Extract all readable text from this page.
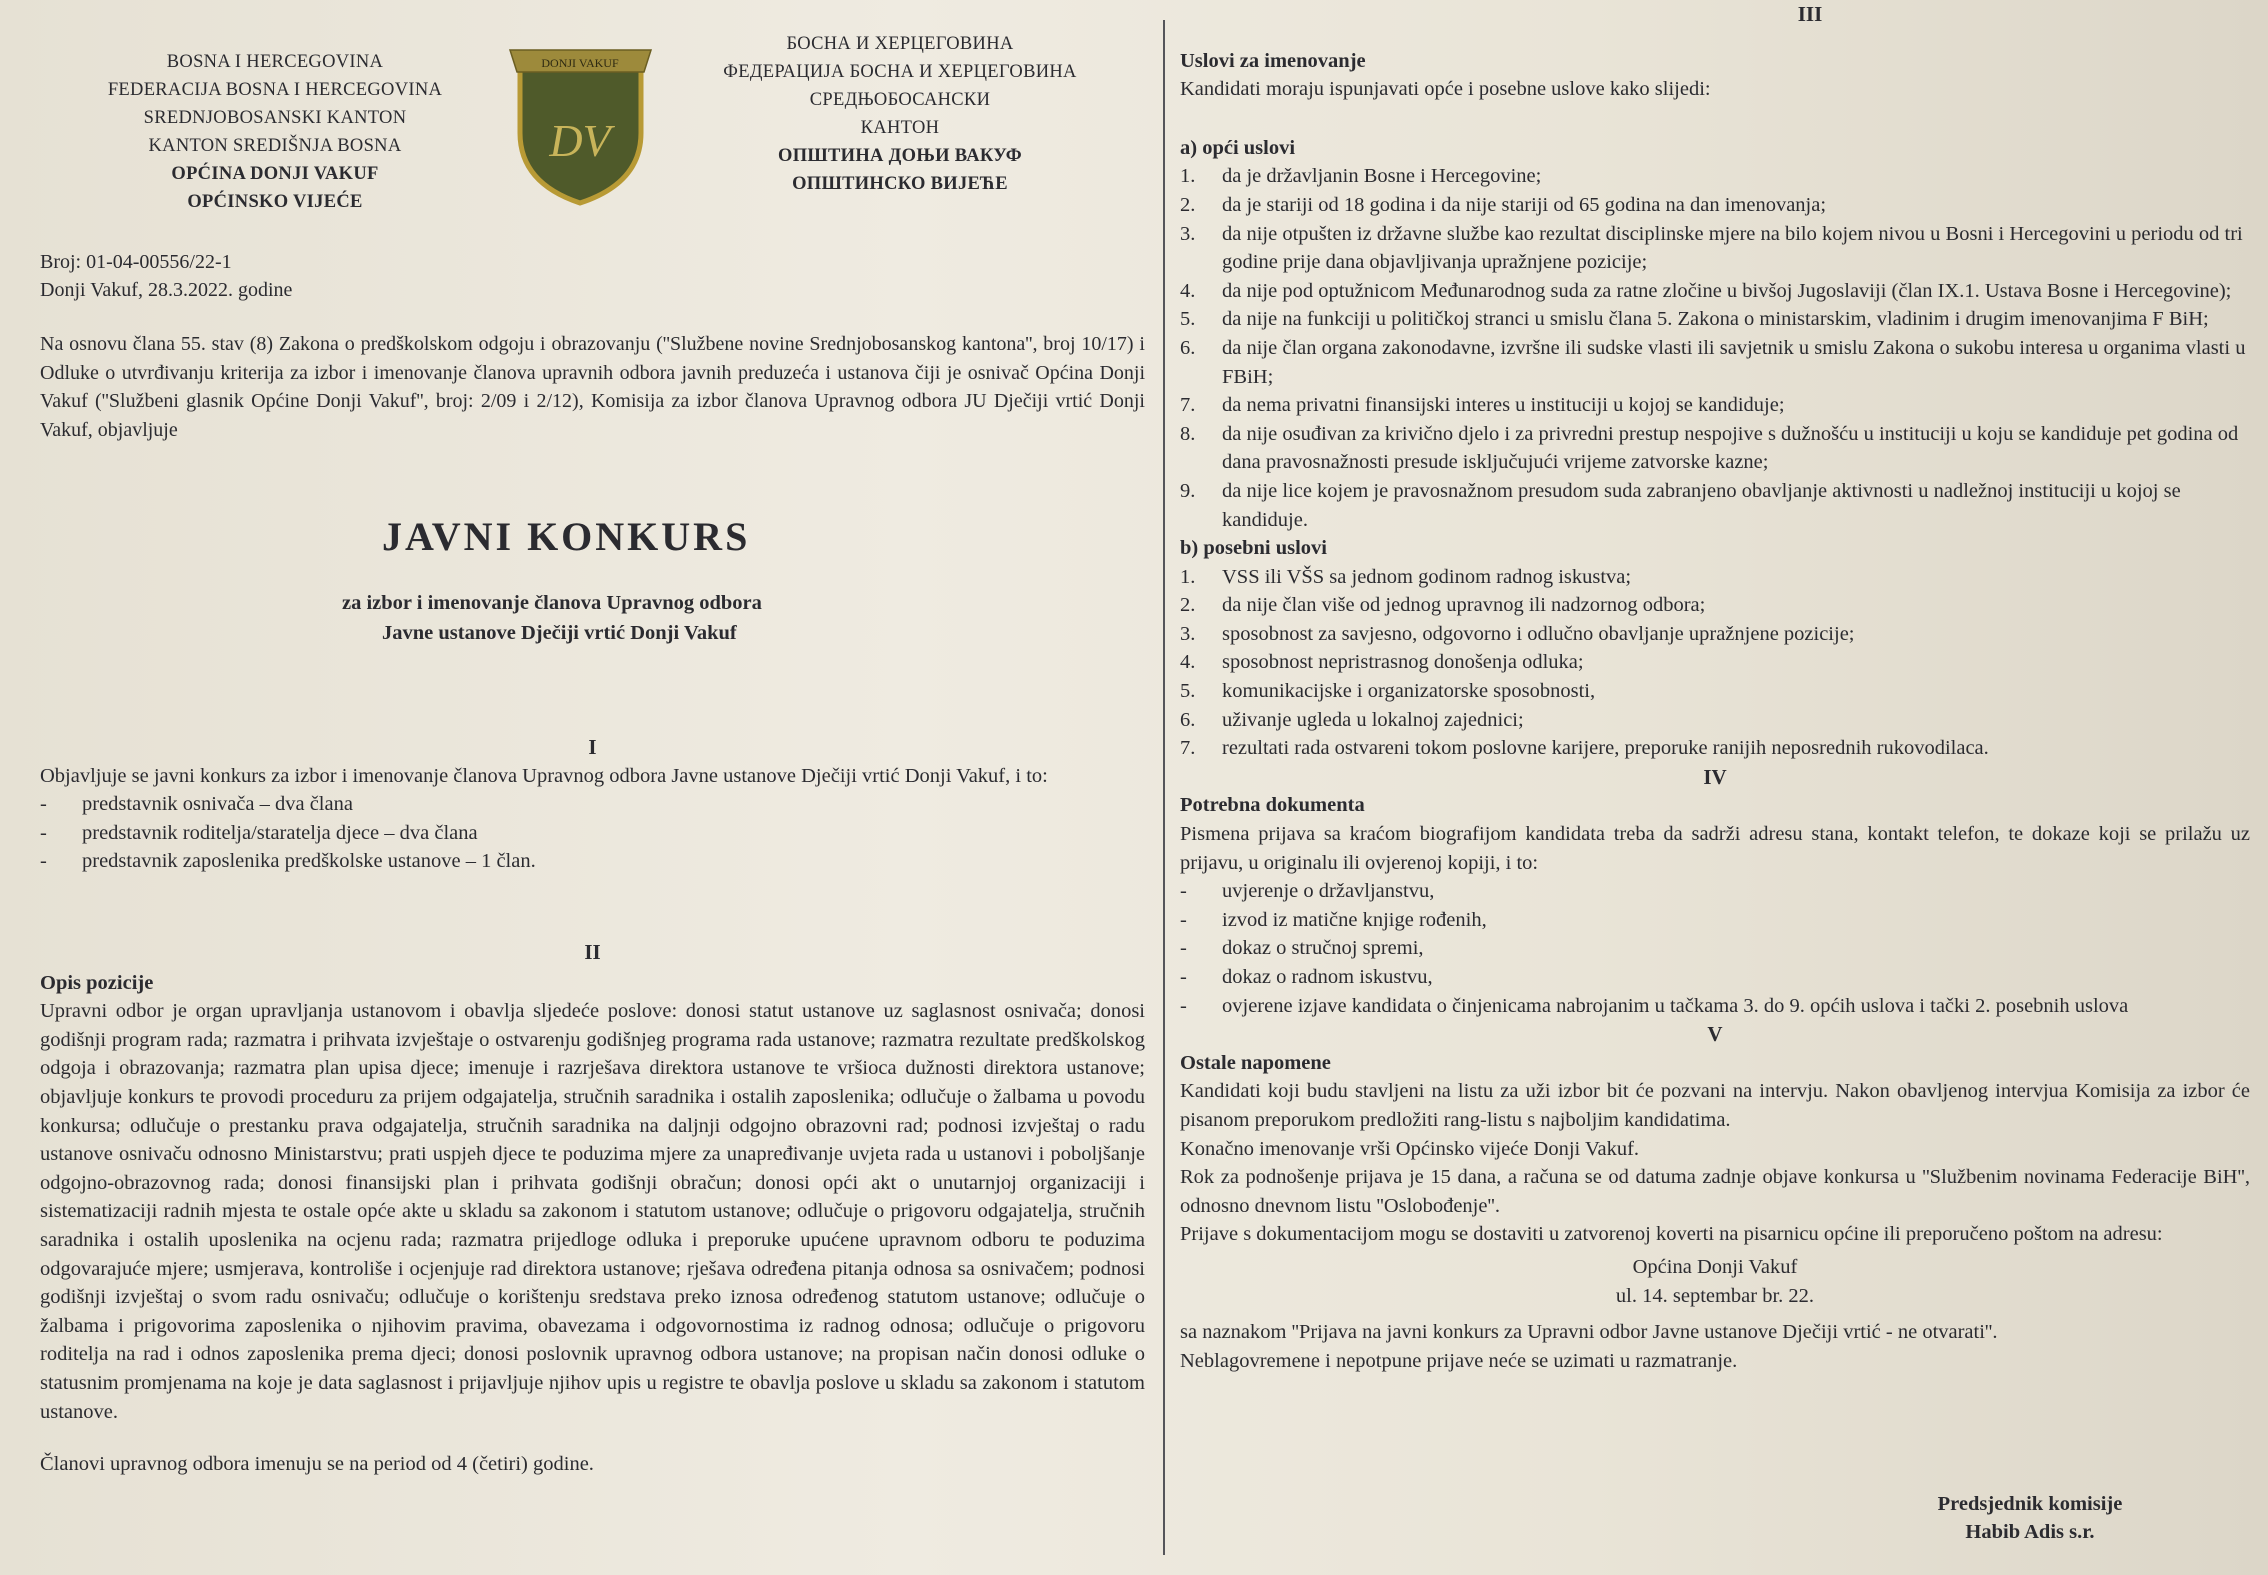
BOSNA I HERCEGOVINA
FEDERACIJA BOSNA I HERCEGOVINA
SREDNJOBOSANSKI KANTON
KANTON SREDIŠNJA BOSNA
OPĆINA DONJI VAKUF
OPĆINSKO VIJEĆE
DONJI VAKUF
DV
БОСНА И ХЕРЦЕГОВИНА
ФЕДЕРАЦИЈА БОСНА И ХЕРЦЕГОВИНА
СРЕДЊОБОСАНСКИ
КАНТОН
ОПШТИНА ДОЊИ ВАКУФ
ОПШТИНСКО ВИЈЕЋЕ
Broj: 01-04-00556/22-1
Donji Vakuf, 28.3.2022. godine
Na osnovu člana 55. stav (8) Zakona o predškolskom odgoju i obrazovanju (''Službene novine Srednjobosanskog kantona'', broj 10/17) i Odluke o utvrđivanju kriterija za izbor i imenovanje članova upravnih odbora javnih preduzeća i ustanova čiji je osnivač Općina Donji Vakuf (''Službeni glasnik Općine Donji Vakuf'', broj: 2/09 i 2/12), Komisija za izbor članova Upravnog odbora JU Dječiji vrtić Donji Vakuf, objavljuje
JAVNI KONKURS
za izbor i imenovanje članova Upravnog odbora
Javne ustanove Dječiji vrtić Donji Vakuf
I
Objavljuje se javni konkurs za izbor i imenovanje članova Upravnog odbora Javne ustanove Dječiji vrtić Donji Vakuf, i to:
- predstavnik osnivača – dva člana
- predstavnik roditelja/staratelja djece – dva člana
- predstavnik zaposlenika predškolske ustanove – 1 član.
II
Opis pozicije
Upravni odbor je organ upravljanja ustanovom i obavlja sljedeće poslove: donosi statut ustanove uz saglasnost osnivača; donosi godišnji program rada; razmatra i prihvata izvještaje o ostvarenju godišnjeg programa rada ustanove; razmatra rezultate predškolskog odgoja i obrazovanja; razmatra plan upisa djece; imenuje i razrješava direktora ustanove te vršioca dužnosti direktora ustanove; objavljuje konkurs te provodi proceduru za prijem odgajatelja, stručnih saradnika i ostalih zaposlenika; odlučuje o žalbama u povodu konkursa; odlučuje o prestanku prava odgajatelja, stručnih saradnika na daljnji odgojno obrazovni rad; podnosi izvještaj o radu ustanove osnivaču odnosno Ministarstvu; prati uspjeh djece te poduzima mjere za unapređivanje uvjeta rada u ustanovi i poboljšanje odgojno-obrazovnog rada; donosi finansijski plan i prihvata godišnji obračun; donosi opći akt o unutarnjoj organizaciji i sistematizaciji radnih mjesta te ostale opće akte u skladu sa zakonom i statutom ustanove; odlučuje o prigovoru odgajatelja, stručnih saradnika i ostalih uposlenika na ocjenu rada; razmatra prijedloge odluka i preporuke upućene upravnom odboru te poduzima odgovarajuće mjere; usmjerava, kontroliše i ocjenjuje rad direktora ustanove; rješava određena pitanja odnosa sa osnivačem; podnosi godišnji izvještaj o svom radu osnivaču; odlučuje o korištenju sredstava preko iznosa određenog statutom ustanove; odlučuje o žalbama i prigovorima zaposlenika o njihovim pravima, obavezama i odgovornostima iz radnog odnosa; odlučuje o prigovoru roditelja na rad i odnos zaposlenika prema djeci; donosi poslovnik upravnog odbora ustanove; na propisan način donosi odluke o statusnim promjenama na koje je data saglasnost i prijavljuje njihov upis u registre te obavlja poslove u skladu sa zakonom i statutom ustanove.
Članovi upravnog odbora imenuju se na period od 4 (četiri) godine.
III
Uslovi za imenovanje
Kandidati moraju ispunjavati opće i posebne uslove kako slijedi:
a) opći uslovi
1. da je državljanin Bosne i Hercegovine;
2. da je stariji od 18 godina i da nije stariji od 65 godina na dan imenovanja;
3. da nije otpušten iz državne službe kao rezultat disciplinske mjere na bilo kojem nivou u Bosni i Hercegovini u periodu od tri godine prije dana objavljivanja upražnjene pozicije;
4. da nije pod optužnicom Međunarodnog suda za ratne zločine u bivšoj Jugoslaviji (član IX.1. Ustava Bosne i Hercegovine);
5. da nije na funkciji u političkoj stranci u smislu člana 5. Zakona o ministarskim, vladinim i drugim imenovanjima F BiH;
6. da nije član organa zakonodavne, izvršne ili sudske vlasti ili savjetnik u smislu Zakona o sukobu interesa u organima vlasti u FBiH;
7. da nema privatni finansijski interes u instituciji u kojoj se kandiduje;
8. da nije osuđivan za krivično djelo i za privredni prestup nespojive s dužnošću u instituciji u koju se kandiduje pet godina od dana pravosnažnosti presude isključujući vrijeme zatvorske kazne;
9. da nije lice kojem je pravosnažnom presudom suda zabranjeno obavljanje aktivnosti u nadležnoj instituciji u kojoj se kandiduje.
b) posebni uslovi
1. VSS ili VŠS sa jednom godinom radnog iskustva;
2. da nije član više od jednog upravnog ili nadzornog odbora;
3. sposobnost za savjesno, odgovorno i odlučno obavljanje upražnjene pozicije;
4. sposobnost nepristrasnog donošenja odluka;
5. komunikacijske i organizatorske sposobnosti,
6. uživanje ugleda u lokalnoj zajednici;
7. rezultati rada ostvareni tokom poslovne karijere, preporuke ranijih neposrednih rukovodilaca.
IV
Potrebna dokumenta
Pismena prijava sa kraćom biografijom kandidata treba da sadrži adresu stana, kontakt telefon, te dokaze koji se prilažu uz prijavu, u originalu ili ovjerenoj kopiji, i to:
- uvjerenje o državljanstvu,
- izvod iz matične knjige rođenih,
- dokaz o stručnoj spremi,
- dokaz o radnom iskustvu,
- ovjerene izjave kandidata o činjenicama nabrojanim u tačkama 3. do 9. općih uslova i tački 2. posebnih uslova
V
Ostale napomene
Kandidati koji budu stavljeni na listu za uži izbor bit će pozvani na intervju. Nakon obavljenog intervjua Komisija za izbor će pisanom preporukom predložiti rang-listu s najboljim kandidatima.
Konačno imenovanje vrši Općinsko vijeće Donji Vakuf.
Rok za podnošenje prijava je 15 dana, a računa se od datuma zadnje objave konkursa u ''Službenim novinama Federacije BiH'', odnosno dnevnom listu ''Oslobođenje''.
Prijave s dokumentacijom mogu se dostaviti u zatvorenoj koverti na pisarnicu općine ili preporučeno poštom na adresu:
Općina Donji Vakuf
ul. 14. septembar br. 22.
sa naznakom ''Prijava na javni konkurs za Upravni odbor Javne ustanove Dječiji vrtić - ne otvarati''.
Neblagovremene i nepotpune prijave neće se uzimati u razmatranje.
Predsjednik komisije
Habib Adis s.r.
